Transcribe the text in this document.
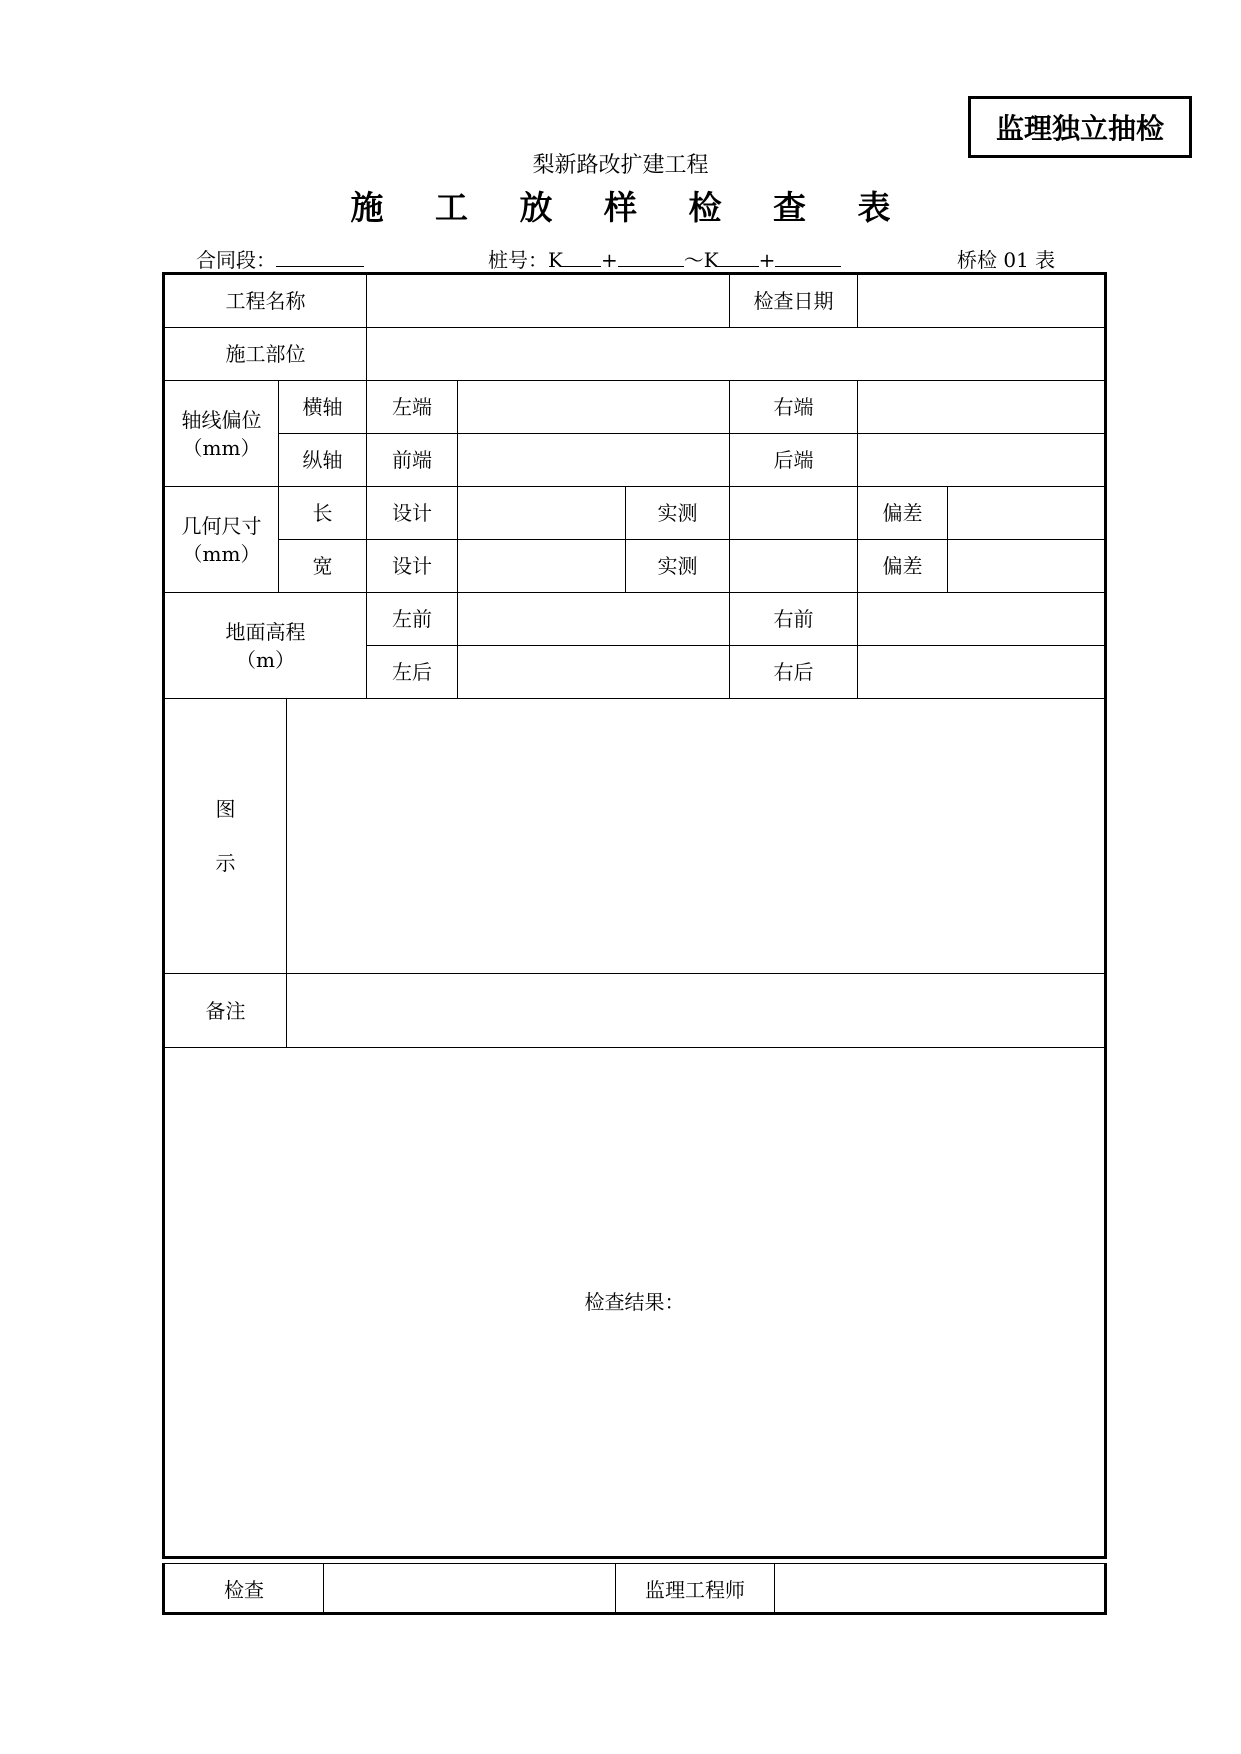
监理独立抽检
梨新路改扩建工程
施 工 放 样 检 查 表
合同段：	桩号：K +	～K +	桥检 01 表
工程名称						检查日期		
施工部位								

轴线偏位
（mm）	横轴		左端			右端		
	纵轴		前端			后端		

几何尺寸
（mm）	长		设计		实测		偏差	
	宽		设计		实测		偏差	

地面高程
（m）			左前			右前		
			左后			右后		

图
示								

备注								
检查结果：								
检查		监理工程师	
